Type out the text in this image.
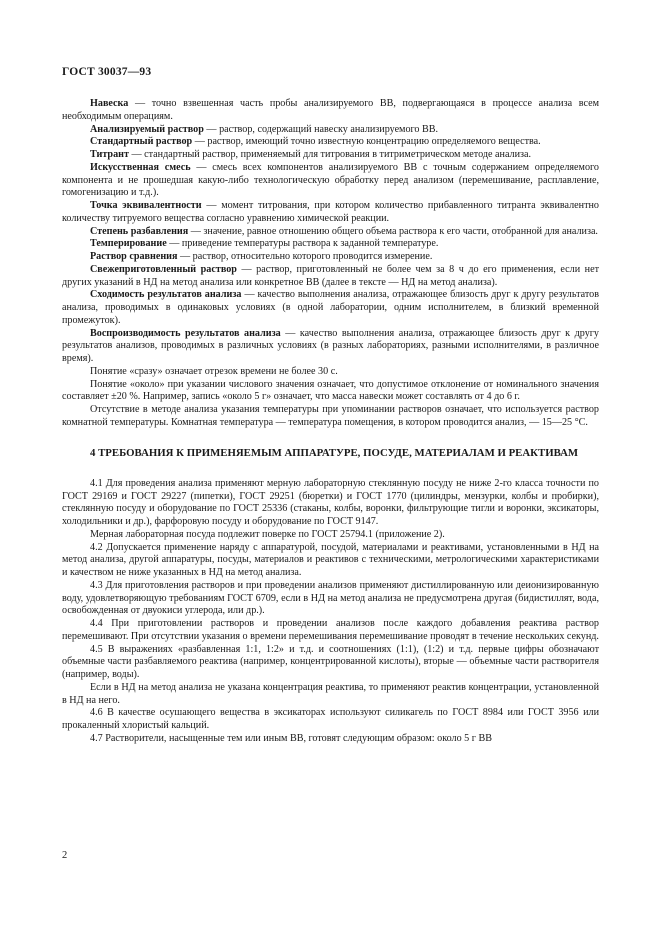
ГОСТ 30037—93

Навеска — точно взвешенная часть пробы анализируемого ВВ, подвергающаяся в процессе анализа всем необходимым операциям.

Анализируемый раствор — раствор, содержащий навеску анализируемого ВВ.

Стандартный раствор — раствор, имеющий точно известную концентрацию определяемого вещества.

Титрант — стандартный раствор, применяемый для титрования в титриметрическом методе анализа.

Искусственная смесь — смесь всех компонентов анализируемого ВВ с точным содержанием определяемого компонента и не прошедшая какую-либо технологическую обработку перед анализом (перемешивание, расплавление, гомогенизацию и т.д.).

Точка эквивалентности — момент титрования, при котором количество прибавленного титранта эквивалентно количеству титруемого вещества согласно уравнению химической реакции.

Степень разбавления — значение, равное отношению общего объема раствора к его части, отобранной для анализа.

Темперирование — приведение температуры раствора к заданной температуре.

Раствор сравнения — раствор, относительно которого проводится измерение.

Свежеприготовленный раствор — раствор, приготовленный не более чем за 8 ч до его применения, если нет других указаний в НД на метод анализа или конкретное ВВ (далее в тексте — НД на метод анализа).

Сходимость результатов анализа — качество выполнения анализа, отражающее близость друг к другу результатов анализа, проводимых в одинаковых условиях (в одной лаборатории, одним исполнителем, в близкий временной промежуток).

Воспроизводимость результатов анализа — качество выполнения анализа, отражающее близость друг к другу результатов анализов, проводимых в различных условиях (в разных лабораториях, разными исполнителями, в различное время).

Понятие «сразу» означает отрезок времени не более 30 с.

Понятие «около» при указании числового значения означает, что допустимое отклонение от номинального значения составляет ±20 %. Например, запись «около 5 г» означает, что масса навески может составлять от 4 до 6 г.

Отсутствие в методе анализа указания температуры при упоминании растворов означает, что используется раствор комнатной температуры. Комнатная температура — температура помещения, в котором проводится анализ, — 15—25 °С.

4 ТРЕБОВАНИЯ К ПРИМЕНЯЕМЫМ АППАРАТУРЕ, ПОСУДЕ, МАТЕРИАЛАМ И РЕАКТИВАМ

4.1 Для проведения анализа применяют мерную лабораторную стеклянную посуду не ниже 2-го класса точности по ГОСТ 29169 и ГОСТ 29227 (пипетки), ГОСТ 29251 (бюретки) и ГОСТ 1770 (цилиндры, мензурки, колбы и пробирки), стеклянную посуду и оборудование по ГОСТ 25336 (стаканы, колбы, воронки, фильтрующие тигли и воронки, эксикаторы, холодильники и др.), фарфоровую посуду и оборудование по ГОСТ 9147.

Мерная лабораторная посуда подлежит поверке по ГОСТ 25794.1 (приложение 2).

4.2 Допускается применение наряду с аппаратурой, посудой, материалами и реактивами, установленными в НД на метод анализа, другой аппаратуры, посуды, материалов и реактивов с техническими, метрологическими характеристиками и качеством не ниже указанных в НД на метод анализа.

4.3 Для приготовления растворов и при проведении анализов применяют дистиллированную или деионизированную воду, удовлетворяющую требованиям ГОСТ 6709, если в НД на метод анализа не предусмотрена другая (бидистиллят, вода, освобожденная от двуокиси углерода, или др.).

4.4 При приготовлении растворов и проведении анализов после каждого добавления реактива раствор перемешивают. При отсутствии указания о времени перемешивания перемешивание проводят в течение нескольких секунд.

4.5 В выражениях «разбавленная 1:1, 1:2» и т.д. и соотношениях (1:1), (1:2) и т.д. первые цифры обозначают объемные части разбавляемого реактива (например, концентрированной кислоты), вторые — объемные части растворителя (например, воды).

Если в НД на метод анализа не указана концентрация реактива, то применяют реактив концентрации, установленной в НД на него.

4.6 В качестве осушающего вещества в эксикаторах используют силикагель по ГОСТ 8984 или ГОСТ 3956 или прокаленный хлористый кальций.

4.7 Растворители, насыщенные тем или иным ВВ, готовят следующим образом: около 5 г ВВ

2
